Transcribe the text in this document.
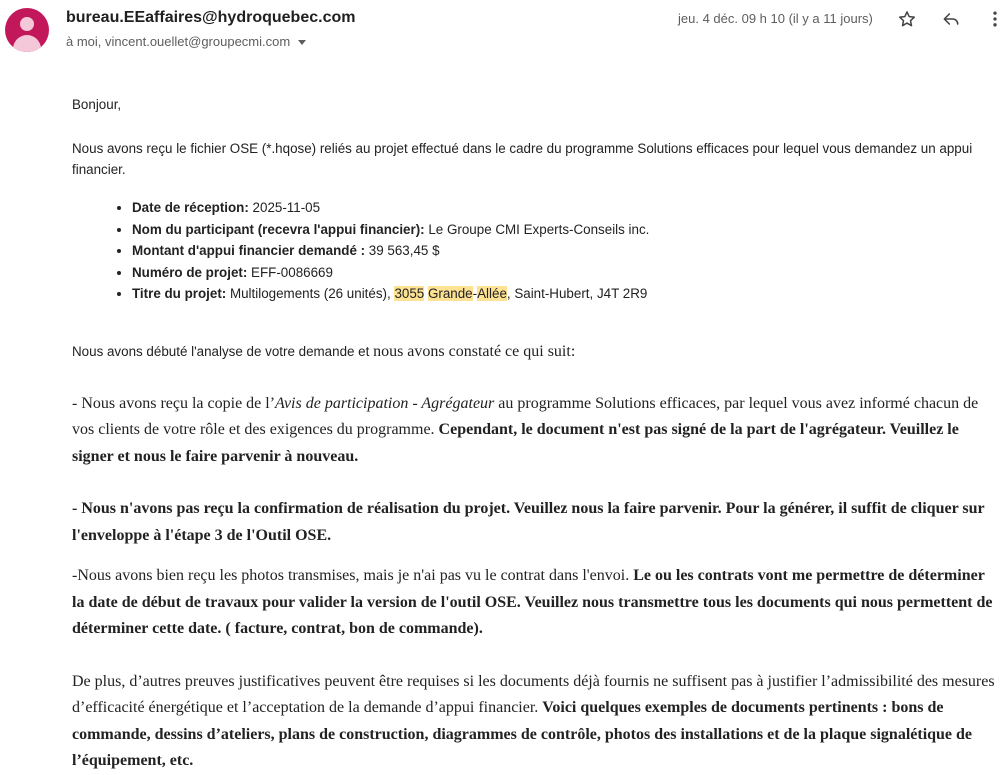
bureau.EEaffaires@hydroquebec.com
à moi, vincent.ouellet@groupecmi.com
jeu. 4 déc. 09 h 10 (il y a 11 jours)

Bonjour,

Nous avons reçu le fichier OSE (*.hqose) reliés au projet effectué dans le cadre du programme Solutions efficaces pour lequel vous demandez un appui financier.

• Date de réception: 2025-11-05
• Nom du participant (recevra l'appui financier): Le Groupe CMI Experts-Conseils inc.
• Montant d'appui financier demandé : 39 563,45 $
• Numéro de projet: EFF-0086669
• Titre du projet: Multilogements (26 unités), 3055 Grande-Allée, Saint-Hubert, J4T 2R9

Nous avons débuté l'analyse de votre demande et nous avons constaté ce qui suit:

- Nous avons reçu la copie de l’Avis de participation - Agrégateur au programme Solutions efficaces, par lequel vous avez informé chacun de vos clients de votre rôle et des exigences du programme. Cependant, le document n'est pas signé de la part de l'agrégateur. Veuillez le signer et nous le faire parvenir à nouveau.

- Nous n'avons pas reçu la confirmation de réalisation du projet. Veuillez nous la faire parvenir. Pour la générer, il suffit de cliquer sur l'enveloppe à l'étape 3 de l'Outil OSE.

-Nous avons bien reçu les photos transmises, mais je n'ai pas vu le contrat dans l'envoi. Le ou les contrats vont me permettre de déterminer la date de début de travaux pour valider la version de l'outil OSE. Veuillez nous transmettre tous les documents qui nous permettent de déterminer cette date. ( facture, contrat, bon de commande).

De plus, d’autres preuves justificatives peuvent être requises si les documents déjà fournis ne suffisent pas à justifier l’admissibilité des mesures d’efficacité énergétique et l’acceptation de la demande d’appui financier. Voici quelques exemples de documents pertinents : bons de commande, dessins d’ateliers, plans de construction, diagrammes de contrôle, photos des installations et de la plaque signalétique de l’équipement, etc.
